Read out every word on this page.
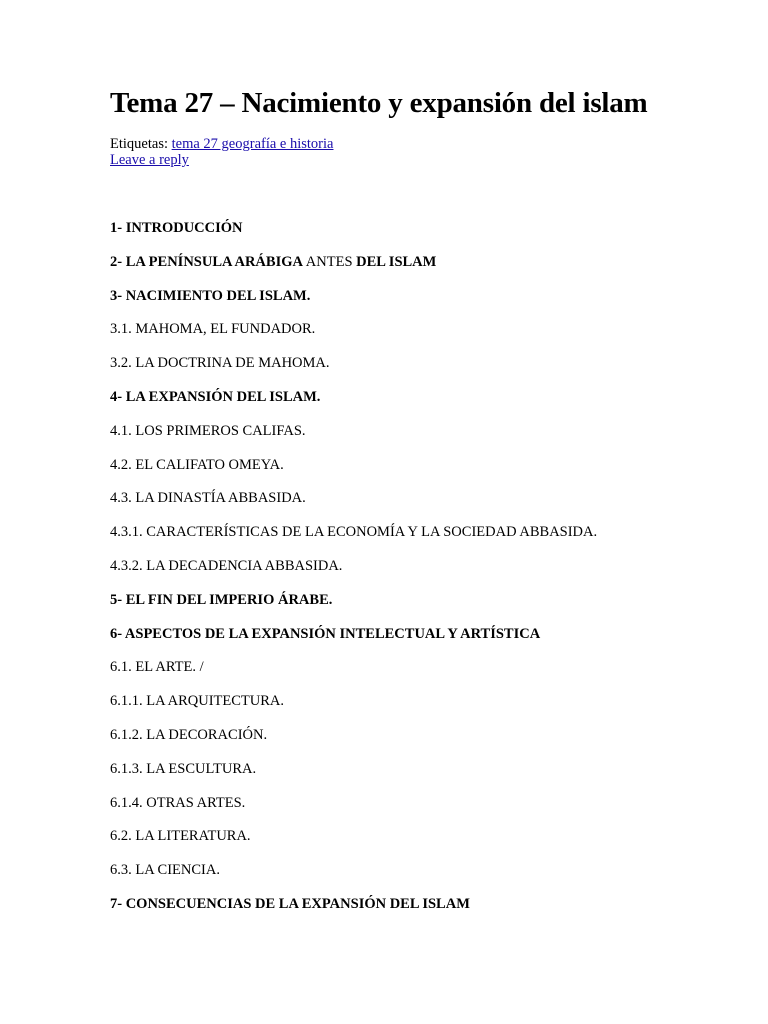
Tema 27 – Nacimiento y expansión del islam
Etiquetas: tema 27 geografía e historia
Leave a reply
1- INTRODUCCIÓN
2- LA PENÍNSULA ARÁBIGA ANTES DEL ISLAM
3- NACIMIENTO DEL ISLAM.
3.1. MAHOMA, EL FUNDADOR.
3.2. LA DOCTRINA DE MAHOMA.
4- LA EXPANSIÓN DEL ISLAM.
4.1. LOS PRIMEROS CALIFAS.
4.2. EL CALIFATO OMEYA.
4.3. LA DINASTÍA ABBASIDA.
4.3.1. CARACTERÍSTICAS DE LA ECONOMÍA Y LA SOCIEDAD ABBASIDA.
4.3.2. LA DECADENCIA ABBASIDA.
5- EL FIN DEL IMPERIO ÁRABE.
6- ASPECTOS DE LA EXPANSIÓN INTELECTUAL Y ARTÍSTICA
6.1. EL ARTE. /
6.1.1. LA ARQUITECTURA.
6.1.2. LA DECORACIÓN.
6.1.3. LA ESCULTURA.
6.1.4. OTRAS ARTES.
6.2. LA LITERATURA.
6.3. LA CIENCIA.
7- CONSECUENCIAS DE LA EXPANSIÓN DEL ISLAM
